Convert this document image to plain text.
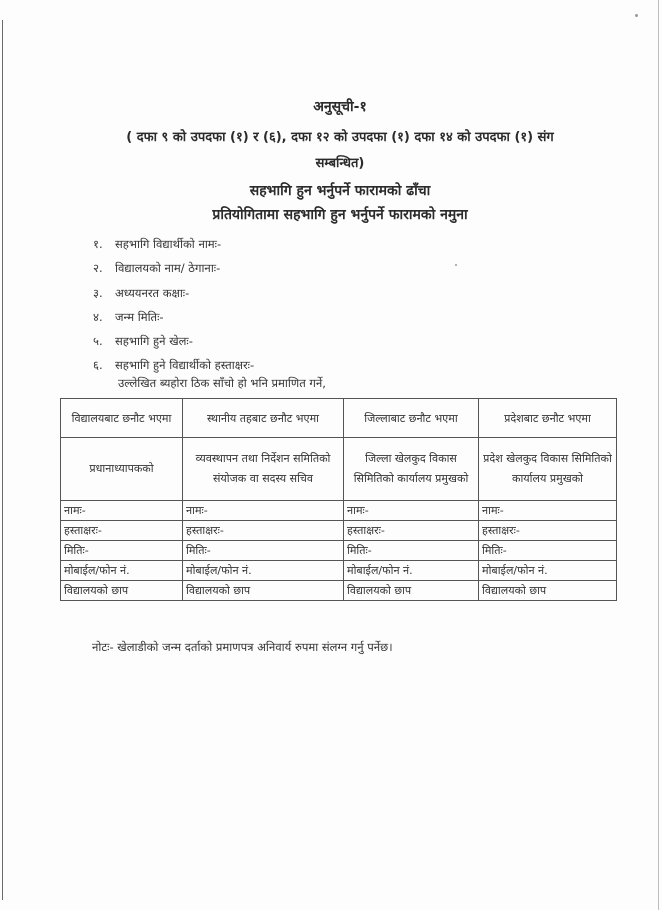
अनुसूची-१
( दफा ९ को उपदफा (१) र (६), दफा १२ को उपदफा (१) दफा १४ को उपदफा (१) संग
सम्बन्धित)
सहभागि हुन भर्नुपर्ने फारामको ढाँचा
प्रतियोगितामा सहभागि हुन भर्नुपर्ने फारामको नमुना
१. सहभागि विद्यार्थीको नामः-
२. विद्यालयको नाम/ ठेगानाः-
३. अध्ययनरत कक्षाः-
४. जन्म मितिः-
५. सहभागि हुने खेलः-
६. सहभागि हुने विद्यार्थीको हस्ताक्षरः-
उल्लेखित ब्यहोरा ठिक साँचो हो भनि प्रमाणित गर्ने,
विद्यालयबाट छनौट भएमा	स्थानीय तहबाट छनौट भएमा	जिल्लाबाट छनौट भएमा	प्रदेशबाट छनौट भएमा
प्रधानाध्यापकको	व्यवस्थापन तथा निर्देशन समितिको संयोजक वा सदस्य सचिव	जिल्ला खेलकुद विकास सिमितिको कार्यालय प्रमुखको	प्रदेश खेलकुद विकास सिमितिको कार्यालय प्रमुखको
नामः-	नामः-	नामः-	नामः-
हस्ताक्षरः-	हस्ताक्षरः-	हस्ताक्षरः-	हस्ताक्षरः-
मितिः-	मितिः-	मितिः-	मितिः-
मोबाईल/फोन नं.	मोबाईल/फोन नं.	मोबाईल/फोन नं.	मोबाईल/फोन नं.
विद्यालयको छाप	विद्यालयको छाप	विद्यालयको छाप	विद्यालयको छाप
नोटः- खेलाडीको जन्म दर्ताको प्रमाणपत्र अनिवार्य रुपमा संलग्न गर्नु पर्नेछ।
